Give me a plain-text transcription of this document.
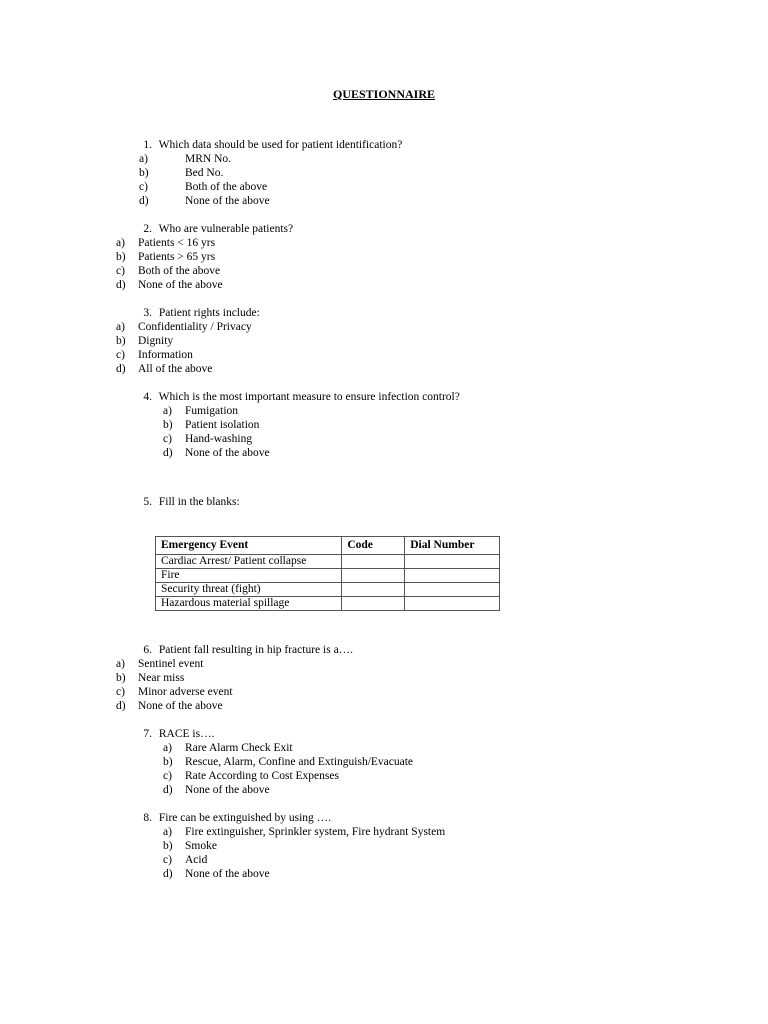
QUESTIONNAIRE
1. Which data should be used for patient identification?
a)	MRN No.
b)	Bed No.
c)	Both of the above
d)	None of the above
2. Who are vulnerable patients?
a) Patients < 16 yrs
b) Patients > 65 yrs
c) Both of the above
d) None of the above
3. Patient rights include:
a) Confidentiality / Privacy
b) Dignity
c) Information
d) All of the above
4. Which is the most important measure to ensure infection control?
a) Fumigation
b) Patient isolation
c) Hand-washing
d) None of the above
5. Fill in the blanks:
Emergency Event	Code	Dial Number
Cardiac Arrest/ Patient collapse		
Fire		
Security threat (fight)		
Hazardous material spillage		
6. Patient fall resulting in hip fracture is a….
a) Sentinel event
b) Near miss
c) Minor adverse event
d) None of the above
7. RACE is….
a) Rare Alarm Check Exit
b) Rescue, Alarm, Confine and Extinguish/Evacuate
c) Rate According to Cost Expenses
d) None of the above
8. Fire can be extinguished by using ….
a) Fire extinguisher, Sprinkler system, Fire hydrant System
b) Smoke
c) Acid
d) None of the above
